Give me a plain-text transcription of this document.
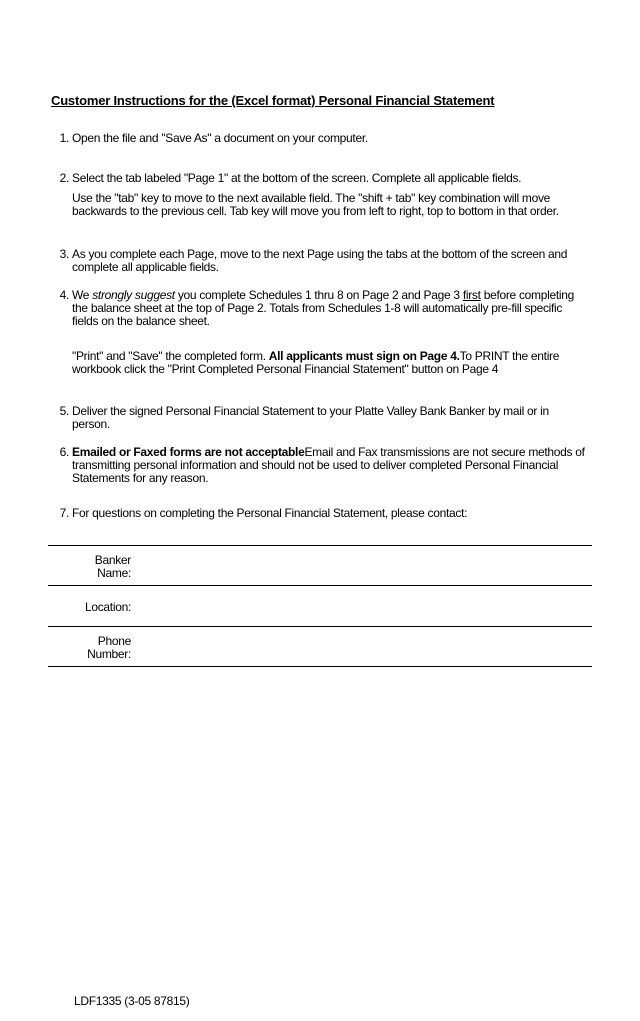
Customer Instructions for the (Excel format) Personal Financial Statement
1. Open the file and "Save As" a document on your computer.
2. Select the tab labeled "Page 1" at the bottom of the screen. Complete all applicable fields.
Use the "tab" key to move to the next available field. The "shift + tab" key combination will move backwards to the previous cell. Tab key will move you from left to right, top to bottom in that order.
3. As you complete each Page, move to the next Page using the tabs at the bottom of the screen and complete all applicable fields.
4. We strongly suggest you complete Schedules 1 thru 8 on Page 2 and Page 3 first before completing the balance sheet at the top of Page 2. Totals from Schedules 1-8 will automatically pre-fill specific fields on the balance sheet.
"Print" and "Save" the completed form. All applicants must sign on Page 4.To PRINT the entire workbook click the "Print Completed Personal Financial Statement" button on Page 4
5. Deliver the signed Personal Financial Statement to your Platte Valley Bank Banker by mail or in person.
6. Emailed or Faxed forms are not acceptableEmail and Fax transmissions are not secure methods of transmitting personal information and should not be used to deliver completed Personal Financial Statements for any reason.
7. For questions on completing the Personal Financial Statement, please contact:
Banker
Name:
Location:
Phone
Number:
LDF1335 (3-05 87815)
